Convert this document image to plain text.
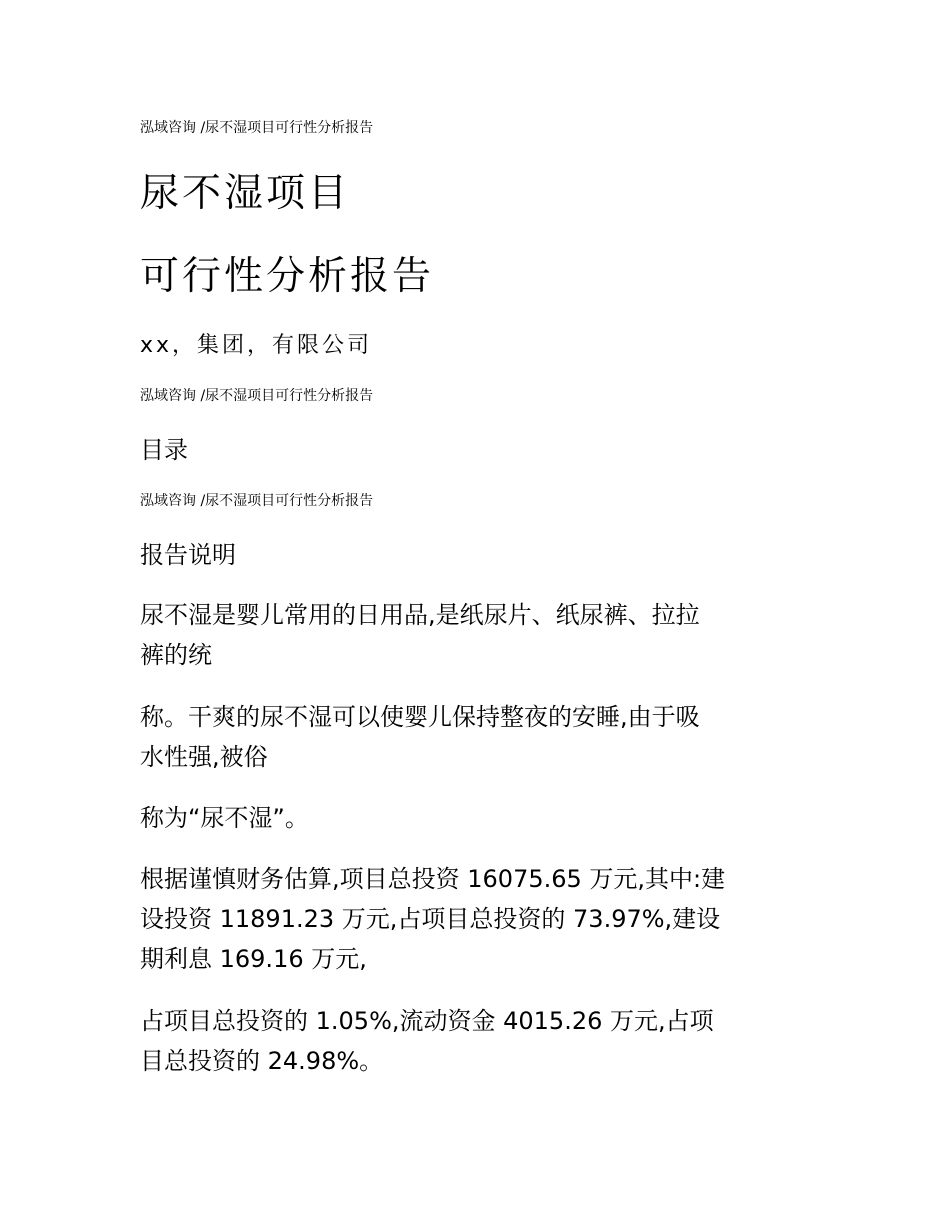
泓域咨询 /尿不湿项目可行性分析报告
尿不湿项目
可行性分析报告
xx，集团，有限公司
泓域咨询 /尿不湿项目可行性分析报告
目录
泓域咨询 /尿不湿项目可行性分析报告
报告说明
尿不湿是婴儿常用的日用品,是纸尿片、纸尿裤、拉拉
裤的统
称。干爽的尿不湿可以使婴儿保持整夜的安睡,由于吸
水性强,被俗
称为“尿不湿”。
根据谨慎财务估算,项目总投资 16075.65 万元,其中:建
设投资 11891.23 万元,占项目总投资的 73.97%,建设
期利息 169.16 万元,
占项目总投资的 1.05%,流动资金 4015.26 万元,占项
目总投资的 24.98%。
